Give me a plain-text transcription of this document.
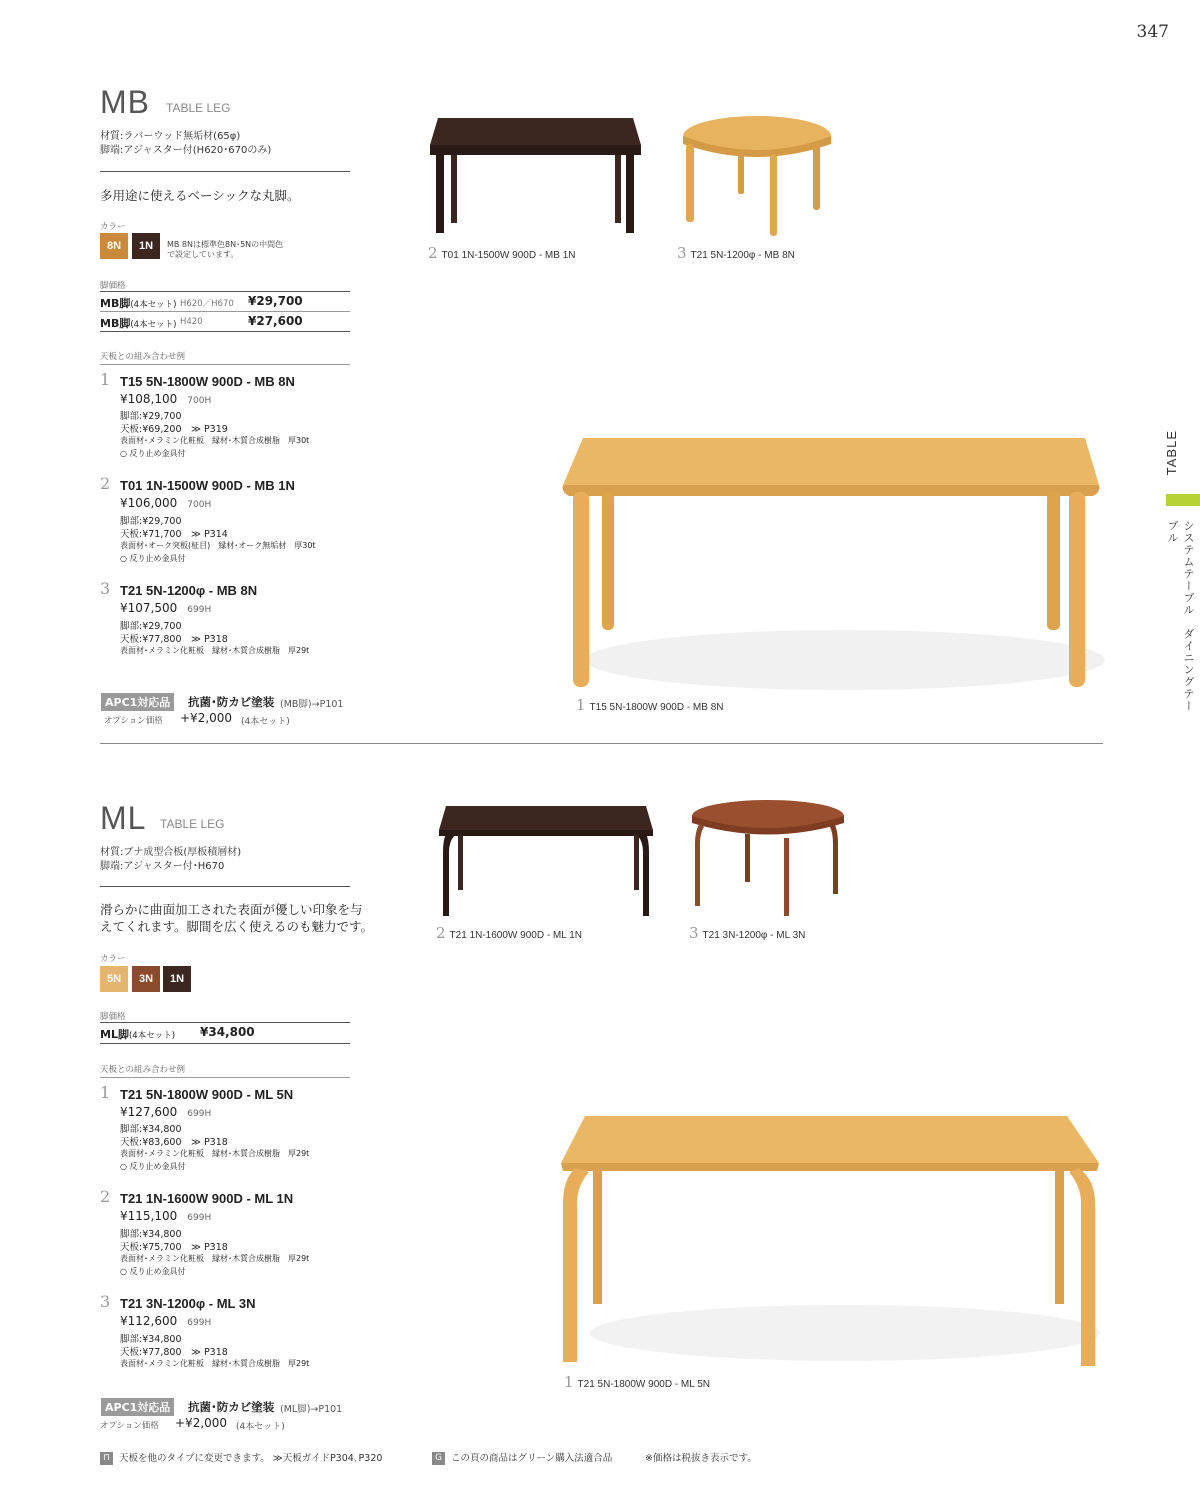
347
TABLE
システムテーブル　ダイニングテーブル
MB TABLE LEG
材質:ラバーウッド無垢材(65φ)
脚端:アジャスター付(H620･670のみ)
多用途に使えるベーシックな丸脚。
カラー
8N	1N	MB 8Nは標準色8N･5Nの中間色
で設定しています。
脚価格
MB脚(4本セット) H620／H670 ¥29,700
MB脚(4本セット) H420	¥27,600
天板との組み合わせ例
1 T15 5N-1800W 900D - MB 8N
¥108,100 700H
脚部:¥29,700
天板:¥69,200　≫ P319
表面材･メラミン化粧板　縁材･木質合成樹脂　厚30t
○ 反り止め金具付
2 T01 1N-1500W 900D - MB 1N
¥106,000 700H
脚部:¥29,700
天板:¥71,700　≫ P314
表面材･オーク突板(柾目)　縁材･オーク無垢材　厚30t
○ 反り止め金具付
3 T21 5N-1200φ - MB 8N
¥107,500 699H
脚部:¥29,700
天板:¥77,800　≫ P318
表面材･メラミン化粧板　縁材･木質合成樹脂　厚29t
APC1対応品	抗菌･防カビ塗装 (MB脚)→P101
オプション価格 +¥2,000 (4本セット)
2 T01 1N-1500W 900D - MB 1N	3 T21 5N-1200φ - MB 8N
1 T15 5N-1800W 900D - MB 8N
ML TABLE LEG
材質:ブナ成型合板(厚板積層材)
脚端:アジャスター付･H670
滑らかに曲面加工された表面が優しい印象を与
えてくれます。脚間を広く使えるのも魅力です。
カラー
5N	3N	1N
脚価格
ML脚(4本セット) ¥34,800
天板との組み合わせ例
1 T21 5N-1800W 900D - ML 5N
¥127,600 699H
脚部:¥34,800
天板:¥83,600　≫ P318
表面材･メラミン化粧板　縁材･木質合成樹脂　厚29t
○ 反り止め金具付
2 T21 1N-1600W 900D - ML 1N
¥115,100 699H
脚部:¥34,800
天板:¥75,700　≫ P318
表面材･メラミン化粧板　縁材･木質合成樹脂　厚29t
○ 反り止め金具付
3 T21 3N-1200φ - ML 3N
¥112,600 699H
脚部:¥34,800
天板:¥77,800　≫ P318
表面材･メラミン化粧板　縁材･木質合成樹脂　厚29t
APC1対応品	抗菌･防カビ塗装 (ML脚)→P101
オプション価格 +¥2,000 (4本セット)
2 T21 1N-1600W 900D - ML 1N	3 T21 3N-1200φ - ML 3N
1 T21 5N-1800W 900D - ML 5N
⊓ 天板を他のタイプに変更できます。 ≫天板ガイドP304､P320	G この頁の商品はグリーン購入法適合品	※価格は税抜き表示です。
